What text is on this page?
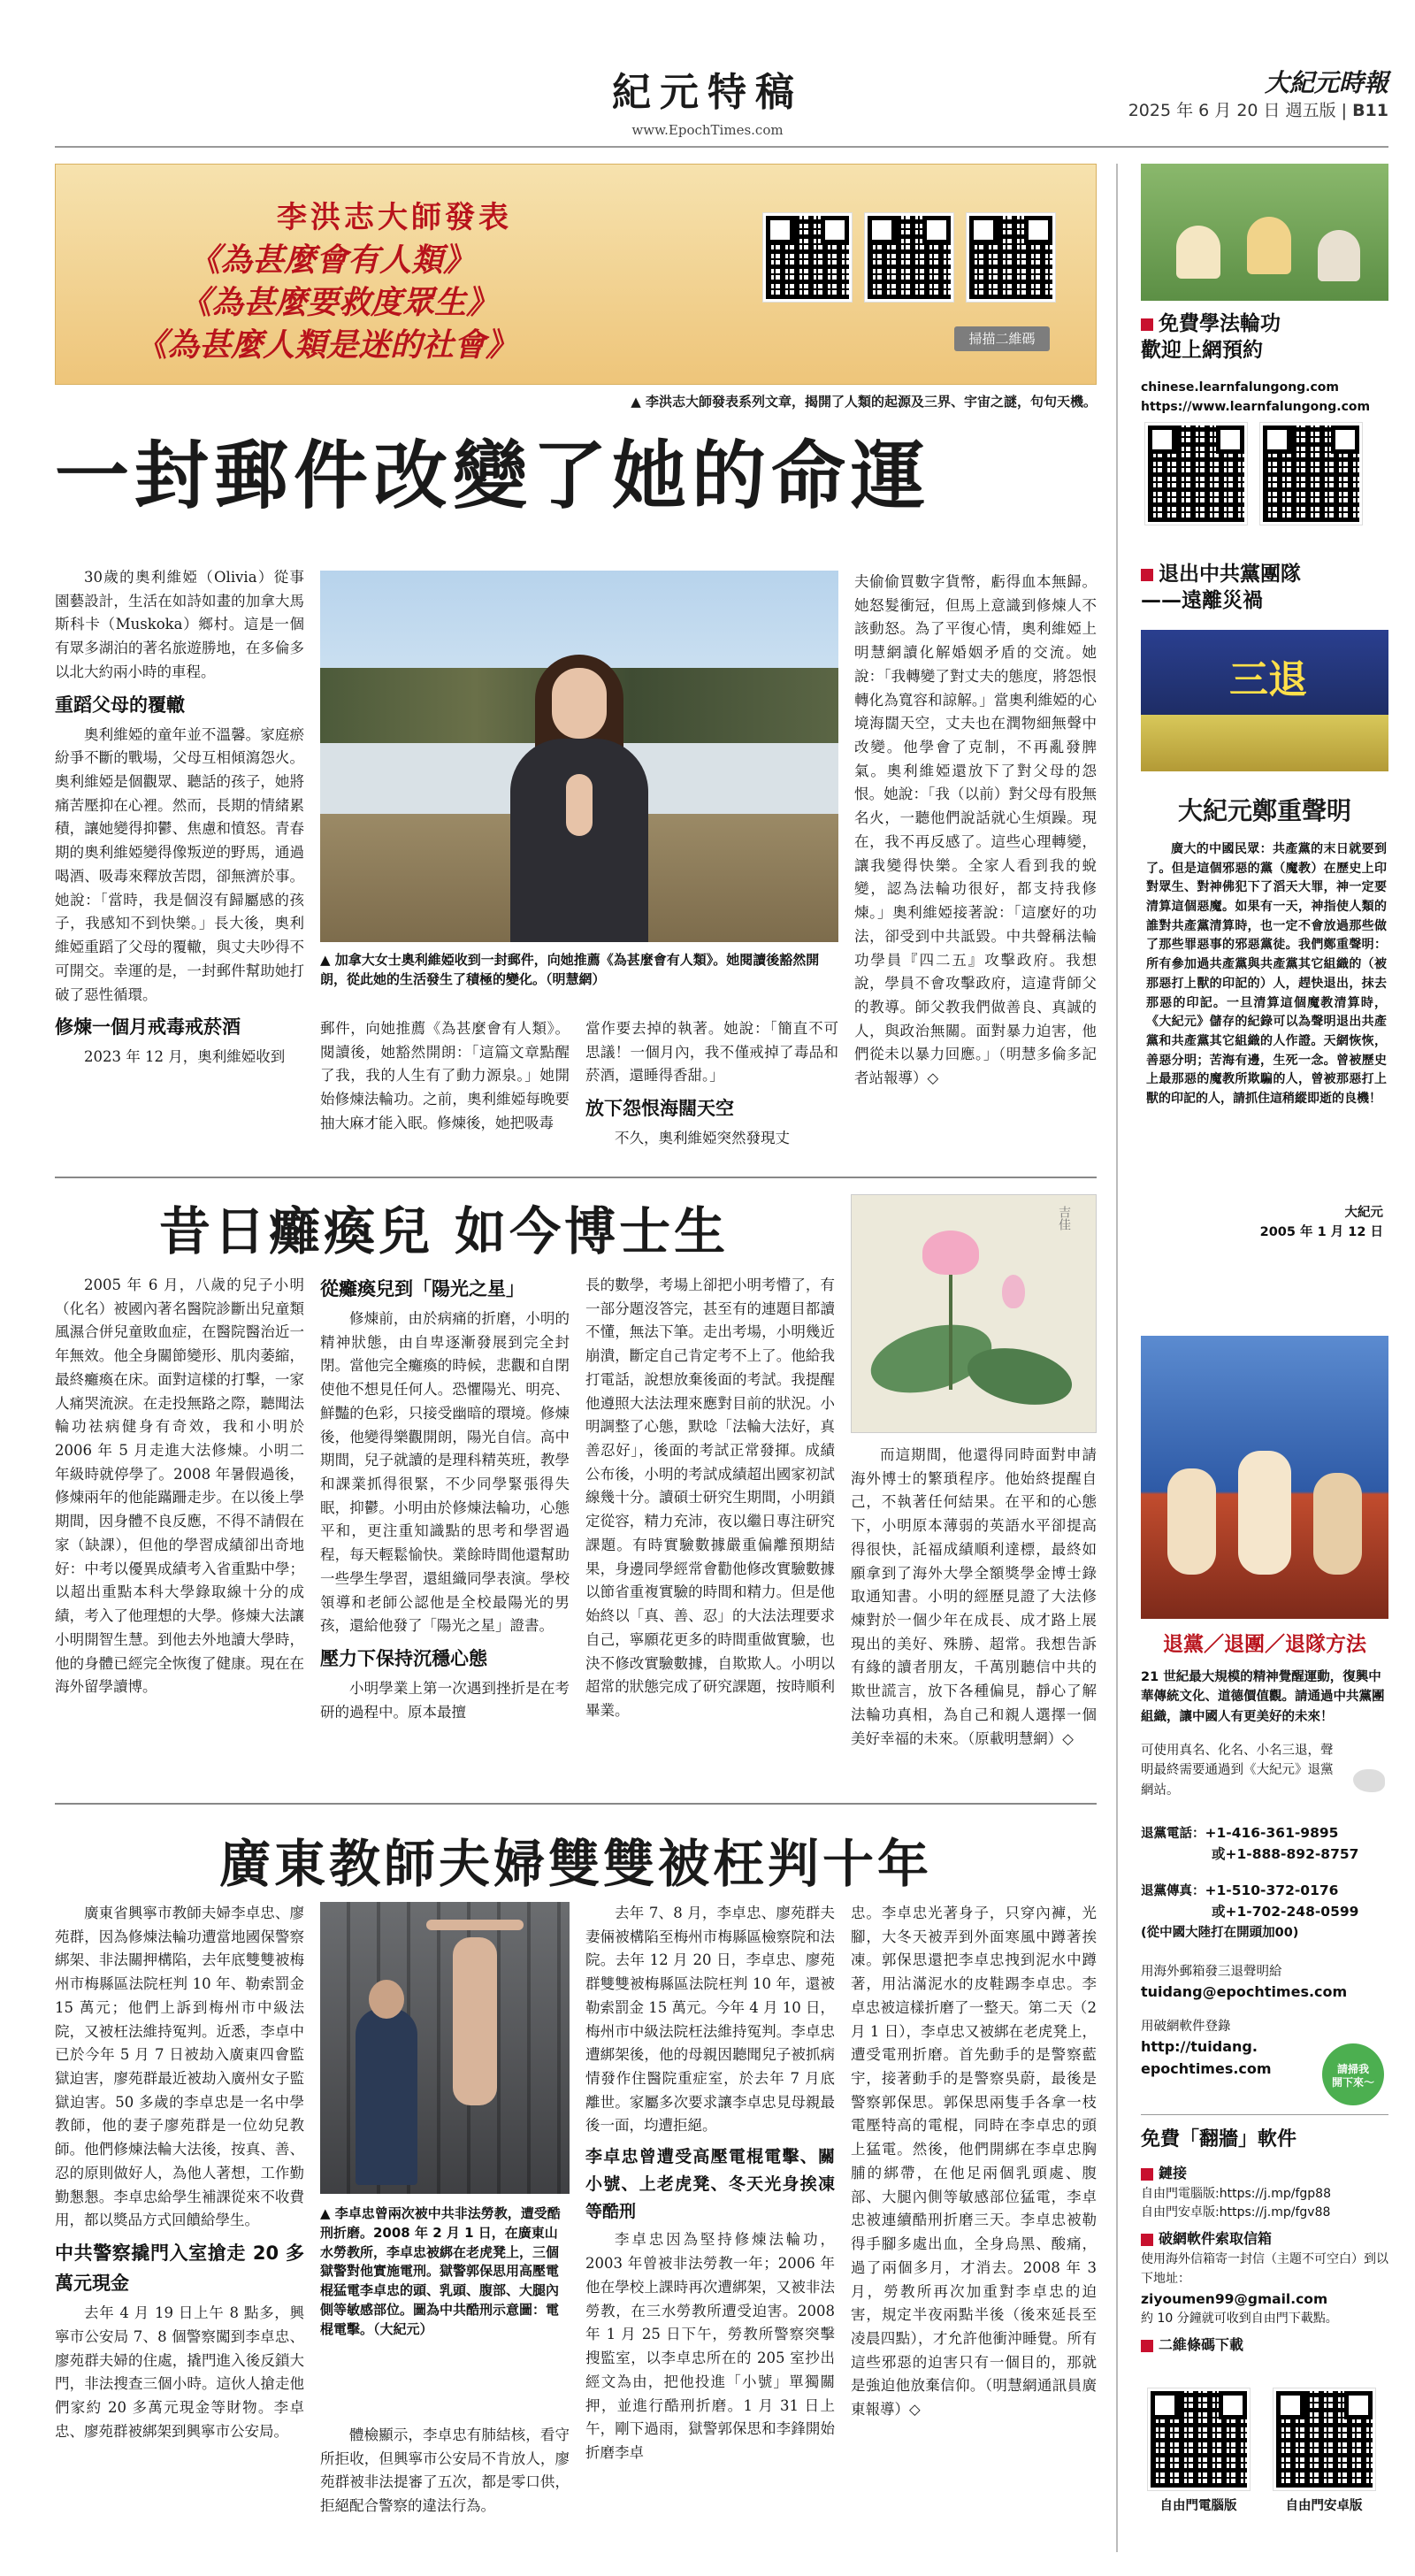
紀元特稿
www.EpochTimes.com
大紀元時報
2025 年 6 月 20 日 週五版 | B11
李洪志大師發表
《為甚麼會有人類》
《為甚麼要救度眾生》
《為甚麼人類是迷的社會》	掃描二維碼
▲ 李洪志大師發表系列文章，揭開了人類的起源及三界、宇宙之謎，句句天機。
一封郵件改變了她的命運

30歲的奧利維婭（Olivia）從事園藝設計，生活在如詩如畫的加拿大馬斯科卡（Muskoka）鄉村。這是一個有眾多湖泊的著名旅遊勝地，在多倫多以北大約兩小時的車程。

重蹈父母的覆轍

奧利維婭的童年並不溫馨。家庭瘀紛爭不斷的戰場，父母互相傾瀉怨火。奧利維婭是個觀眾、聽話的孩子，她將痛苦壓抑在心裡。然而，長期的情緒累積，讓她變得抑鬱、焦慮和憤怒。青春期的奧利維婭變得像叛逆的野馬，通過喝酒、吸毒來釋放苦悶，卻無濟於事。她說：「當時，我是個沒有歸屬感的孩子，我感知不到快樂。」長大後，奧利維婭重蹈了父母的覆轍，與丈夫吵得不可開交。幸運的是，一封郵件幫助她打破了惡性循環。

修煉一個月戒毒戒菸酒

2023 年 12 月，奧利維婭收到

▲ 加拿大女士奧利維婭收到一封郵件，向她推薦《為甚麼會有人類》。她閱讀後豁然開朗，從此她的生活發生了積極的變化。（明慧網）

郵件，向她推薦《為甚麼會有人類》。閱讀後，她豁然開朗：「這篇文章點醒了我，我的人生有了動力源泉。」她開始修煉法輪功。之前，奧利維婭每晚要抽大麻才能入眠。修煉後，她把吸毒

當作要去掉的執著。她說：「簡直不可思議！一個月內，我不僅戒掉了毒品和菸酒，還睡得香甜。」

放下怨恨海闊天空

不久，奧利維婭突然發現丈

夫偷偷買數字貨幣，虧得血本無歸。她怒髮衝冠，但馬上意識到修煉人不該動怒。為了平復心情，奧利維婭上明慧網讀化解婚姻矛盾的交流。她說：「我轉變了對丈夫的態度，將怨恨轉化為寬容和諒解。」當奧利維婭的心境海闊天空，丈夫也在潤物細無聲中改變。他學會了克制，不再亂發脾氣。奧利維婭還放下了對父母的怨恨。她說：「我（以前）對父母有股無名火，一聽他們說話就心生煩躁。現在，我不再反感了。這些心理轉變，讓我變得快樂。全家人看到我的蛻變，認為法輪功很好，都支持我修煉。」奧利維婭接著說：「這麼好的功法，卻受到中共詆毀。中共聲稱法輪功學員『四二五』攻擊政府。我想說，學員不會攻擊政府，這違背師父的教導。師父教我們做善良、真誠的人，與政治無關。面對暴力迫害，他們從未以暴力回應。」（明慧多倫多記者站報導）◇

昔日癱瘓兒 如今博士生

2005 年 6 月，八歲的兒子小明（化名）被國內著名醫院診斷出兒童類風濕合併兒童敗血症，在醫院醫治近一年無效。他全身關節變形、肌肉萎縮，最終癱瘓在床。面對這樣的打擊，一家人痛哭流淚。在走投無路之際，聽聞法輪功祛病健身有奇效，我和小明於 2006 年 5 月走進大法修煉。小明二年級時就停學了。2008 年暑假過後，修煉兩年的他能蹣跚走步。在以後上學期間，因身體不良反應，不得不請假在家（缺課），但他的學習成績卻出奇地好：中考以優異成績考入省重點中學；以超出重點本科大學錄取線十分的成績，考入了他理想的大學。修煉大法讓小明開智生慧。到他去外地讀大學時，他的身體已經完全恢復了健康。現在在海外留學讀博。

從癱瘓兒到「陽光之星」

修煉前，由於病痛的折磨，小明的精神狀態，由自卑逐漸發展到完全封閉。當他完全癱瘓的時候，悲觀和自閉使他不想見任何人。恐懼陽光、明亮、鮮豔的色彩，只接受幽暗的環境。修煉後，他變得樂觀開朗，陽光自信。高中期間，兒子就讀的是理科精英班，教學和課業抓得很緊，不少同學緊張得失眠，抑鬱。小明由於修煉法輪功，心態平和，更注重知識點的思考和學習過程，每天輕鬆愉快。業餘時間他還幫助一些學生學習，還組織同學表演。學校領導和老師公認他是全校最陽光的男孩，還給他發了「陽光之星」證書。

壓力下保持沉穩心態

小明學業上第一次遇到挫折是在考研的過程中。原本最擅

長的數學，考場上卻把小明考懵了，有一部分題沒答完，甚至有的連題目都讀不懂，無法下筆。走出考場，小明幾近崩潰，斷定自己肯定考不上了。他給我打電話，說想放棄後面的考試。我提醒他遵照大法法理來應對目前的狀況。小明調整了心態，默唸「法輪大法好，真善忍好」，後面的考試正常發揮。成績公布後，小明的考試成績超出國家初試線幾十分。讀碩士研究生期間，小明鎖定從容，精力充沛，夜以繼日專注研究課題。有時實驗數據嚴重偏離預期結果，身邊同學經常會勸他修改實驗數據以節省重複實驗的時間和精力。但是他始終以「真、善、忍」的大法法理要求自己，寧願花更多的時間重做實驗，也決不修改實驗數據，自欺欺人。小明以超常的狀態完成了研究課題，按時順利畢業。

吉佳

而這期間，他還得同時面對申請海外博士的繁瑣程序。他始終提醒自己，不執著任何結果。在平和的心態下，小明原本薄弱的英語水平卻提高得很快，託福成績順利達標，最終如願拿到了海外大學全額獎學金博士錄取通知書。小明的經歷見證了大法修煉對於一個少年在成長、成才路上展現出的美好、殊勝、超常。我想告訴有緣的讀者朋友，千萬別聽信中共的欺世謊言，放下各種偏見，靜心了解法輪功真相，為自己和親人選擇一個美好幸福的未來。（原載明慧網）◇

廣東教師夫婦雙雙被枉判十年

廣東省興寧市教師夫婦李卓忠、廖苑群，因為修煉法輪功遭當地國保警察綁架、非法關押構陷，去年底雙雙被梅州市梅縣區法院枉判 10 年、勒索罰金 15 萬元；他們上訴到梅州市中級法院，又被枉法維持冤判。近悉，李卓中已於今年 5 月 7 日被劫入廣東四會監獄迫害，廖苑群最近被劫入廣州女子監獄迫害。50 多歲的李卓忠是一名中學教師，他的妻子廖苑群是一位幼兒教師。他們修煉法輪大法後，按真、善、忍的原則做好人，為他人著想，工作勤勤懇懇。李卓忠給學生補課從來不收費用，都以獎品方式回饋給學生。

中共警察撬門入室搶走 20 多萬元現金

去年 4 月 19 日上午 8 點多，興寧市公安局 7、8 個警察闖到李卓忠、廖苑群夫婦的住處，撬門進入後反鎖大門，非法搜查三個小時。這伙人搶走他們家約 20 多萬元現金等財物。李卓忠、廖苑群被綁架到興寧市公安局。

▲ 李卓忠曾兩次被中共非法勞教，遭受酷刑折磨。2008 年 2 月 1 日，在廣東山水勞教所，李卓忠被綁在老虎凳上，三個獄警對他實施電刑。獄警郭保思用高壓電棍猛電李卓忠的頭、乳頭、腹部、大腿內側等敏感部位。圖為中共酷刑示意圖：電棍電擊。（大紀元）

體檢顯示，李卓忠有肺結核，看守所拒收，但興寧市公安局不肯放人，廖苑群被非法提審了五次，都是零口供，拒絕配合警察的違法行為。

去年 7、8 月，李卓忠、廖苑群夫妻倆被構陷至梅州市梅縣區檢察院和法院。去年 12 月 20 日，李卓忠、廖苑群雙雙被梅縣區法院枉判 10 年，還被勒索罰金 15 萬元。今年 4 月 10 日，梅州市中級法院枉法維持冤判。李卓忠遭綁架後，他的母親因聽聞兒子被抓病情發作住醫院重症室，於去年 7 月底離世。家屬多次要求讓李卓忠見母親最後一面，均遭拒絕。

李卓忠曾遭受高壓電棍電擊、關小號、上老虎凳、冬天光身挨凍等酷刑

李卓忠因為堅持修煉法輪功，2003 年曾被非法勞教一年；2006 年他在學校上課時再次遭綁架，又被非法勞教，在三水勞教所遭受迫害。2008 年 1 月 25 日下午，勞教所警察突擊搜監室，以李卓忠所在的 205 室抄出經文為由，把他投進「小號」單獨關押，並進行酷刑折磨。1 月 31 日上午，剛下過雨，獄警郭保思和李鋒開始折磨李卓

忠。李卓忠光著身子，只穿內褲，光腳，大冬天被弄到外面寒風中蹲著挨凍。郭保思還把李卓忠拽到泥水中蹲著，用沾滿泥水的皮鞋踢李卓忠。李卓忠被這樣折磨了一整天。第二天（2 月 1 日），李卓忠又被綁在老虎凳上，遭受電刑折磨。首先動手的是警察藍宇，接著動手的是警察吳蔚，最後是警察郭保思。郭保思兩隻手各拿一枝電壓特高的電棍，同時在李卓忠的頭上猛電。然後，他們開綁在李卓忠胸脯的綁帶，在他足兩個乳頭處、腹部、大腿內側等敏感部位猛電，李卓忠被連續酷刑折磨三天。李卓忠被勒得手腳多處出血，全身烏黑、酸痛，過了兩個多月，才消去。2008 年 3 月，勞教所再次加重對李卓忠的迫害，規定半夜兩點半後（後來延長至凌晨四點），才允許他衝沖睡覺。所有這些邪惡的迫害只有一個目的，那就是強迫他放棄信仰。（明慧網通訊員廣東報導）◇

免費學法輪功
歡迎上網預約
chinese.learnfalungong.com
https://www.learnfalungong.com
退出中共黨團隊
——遠離災禍
三退
大紀元鄭重聲明
廣大的中國民眾：共產黨的末日就要到了。但是這個邪惡的黨（魔教）在歷史上印對眾生、對神佛犯下了滔天大罪，神一定要清算這個惡魔。如果有一天，神指使人類的誰對共產黨清算時，也一定不會放過那些做了那些罪惡事的邪惡黨徒。我們鄭重聲明：所有參加過共產黨與共產黨其它組織的（被那惡打上獸的印記的）人，趕快退出，抹去那惡的印記。一旦清算這個魔教清算時，《大紀元》儲存的紀錄可以為聲明退出共產黨和共產黨其它組織的人作證。天網恢恢，善惡分明；苦海有邊，生死一念。曾被歷史上最那惡的魔教所欺騙的人，曾被那惡打上獸的印記的人，請抓住這稍縱即逝的良機！
大紀元
2005 年 1 月 12 日
退黨／退團／退隊方法
21 世紀最大規模的精神覺醒運動，復興中華傳統文化、道德價值觀。請通過中共黨團組織，讓中國人有更美好的未來！
可使用真名、化名、小名三退，聲明最終需要通過到《大紀元》退黨網站。
退黨電話：+1-416-361-9895
或+1-888-892-8757
退黨傳真：+1-510-372-0176
或+1-702-248-0599
(從中國大陸打在開頭加00)
用海外郵箱發三退聲明給
tuidang@epochtimes.com
用破網軟件登錄
http://tuidang.
epochtimes.com	請掃我
開下來～
免費「翻牆」軟件
鏈接
自由門電腦版:https://j.mp/fgp88
自由門安卓版:https://j.mp/fgv88
破網軟件索取信箱
使用海外信箱寄一封信（主題不可空白）到以下地址：
ziyoumen99@gmail.com
約 10 分鐘就可收到自由門下載點。
二維條碼下載
自由門電腦版	自由門安卓版
